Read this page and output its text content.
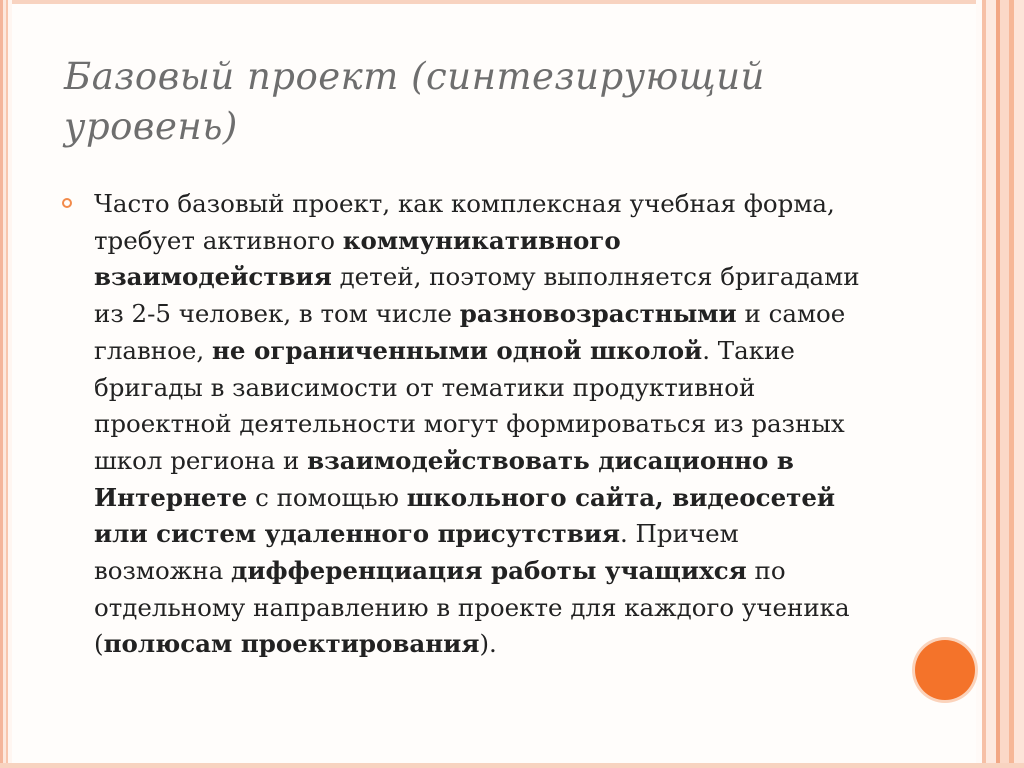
Базовый проект (синтезирующий уровень)

Часто базовый проект, как комплексная учебная форма, требует активного коммуникативного взаимодействия детей, поэтому выполняется бригадами из 2-5 человек, в том числе разновозрастными и самое главное, не ограниченными одной школой. Такие бригады в зависимости от тематики продуктивной проектной деятельности могут формироваться из разных школ региона и взаимодействовать дисационно в Интернете с помощью школьного сайта, видеосетей или систем удаленного присутствия. Причем возможна дифференциация работы учащихся по отдельному направлению в проекте для каждого ученика (полюсам проектирования).
